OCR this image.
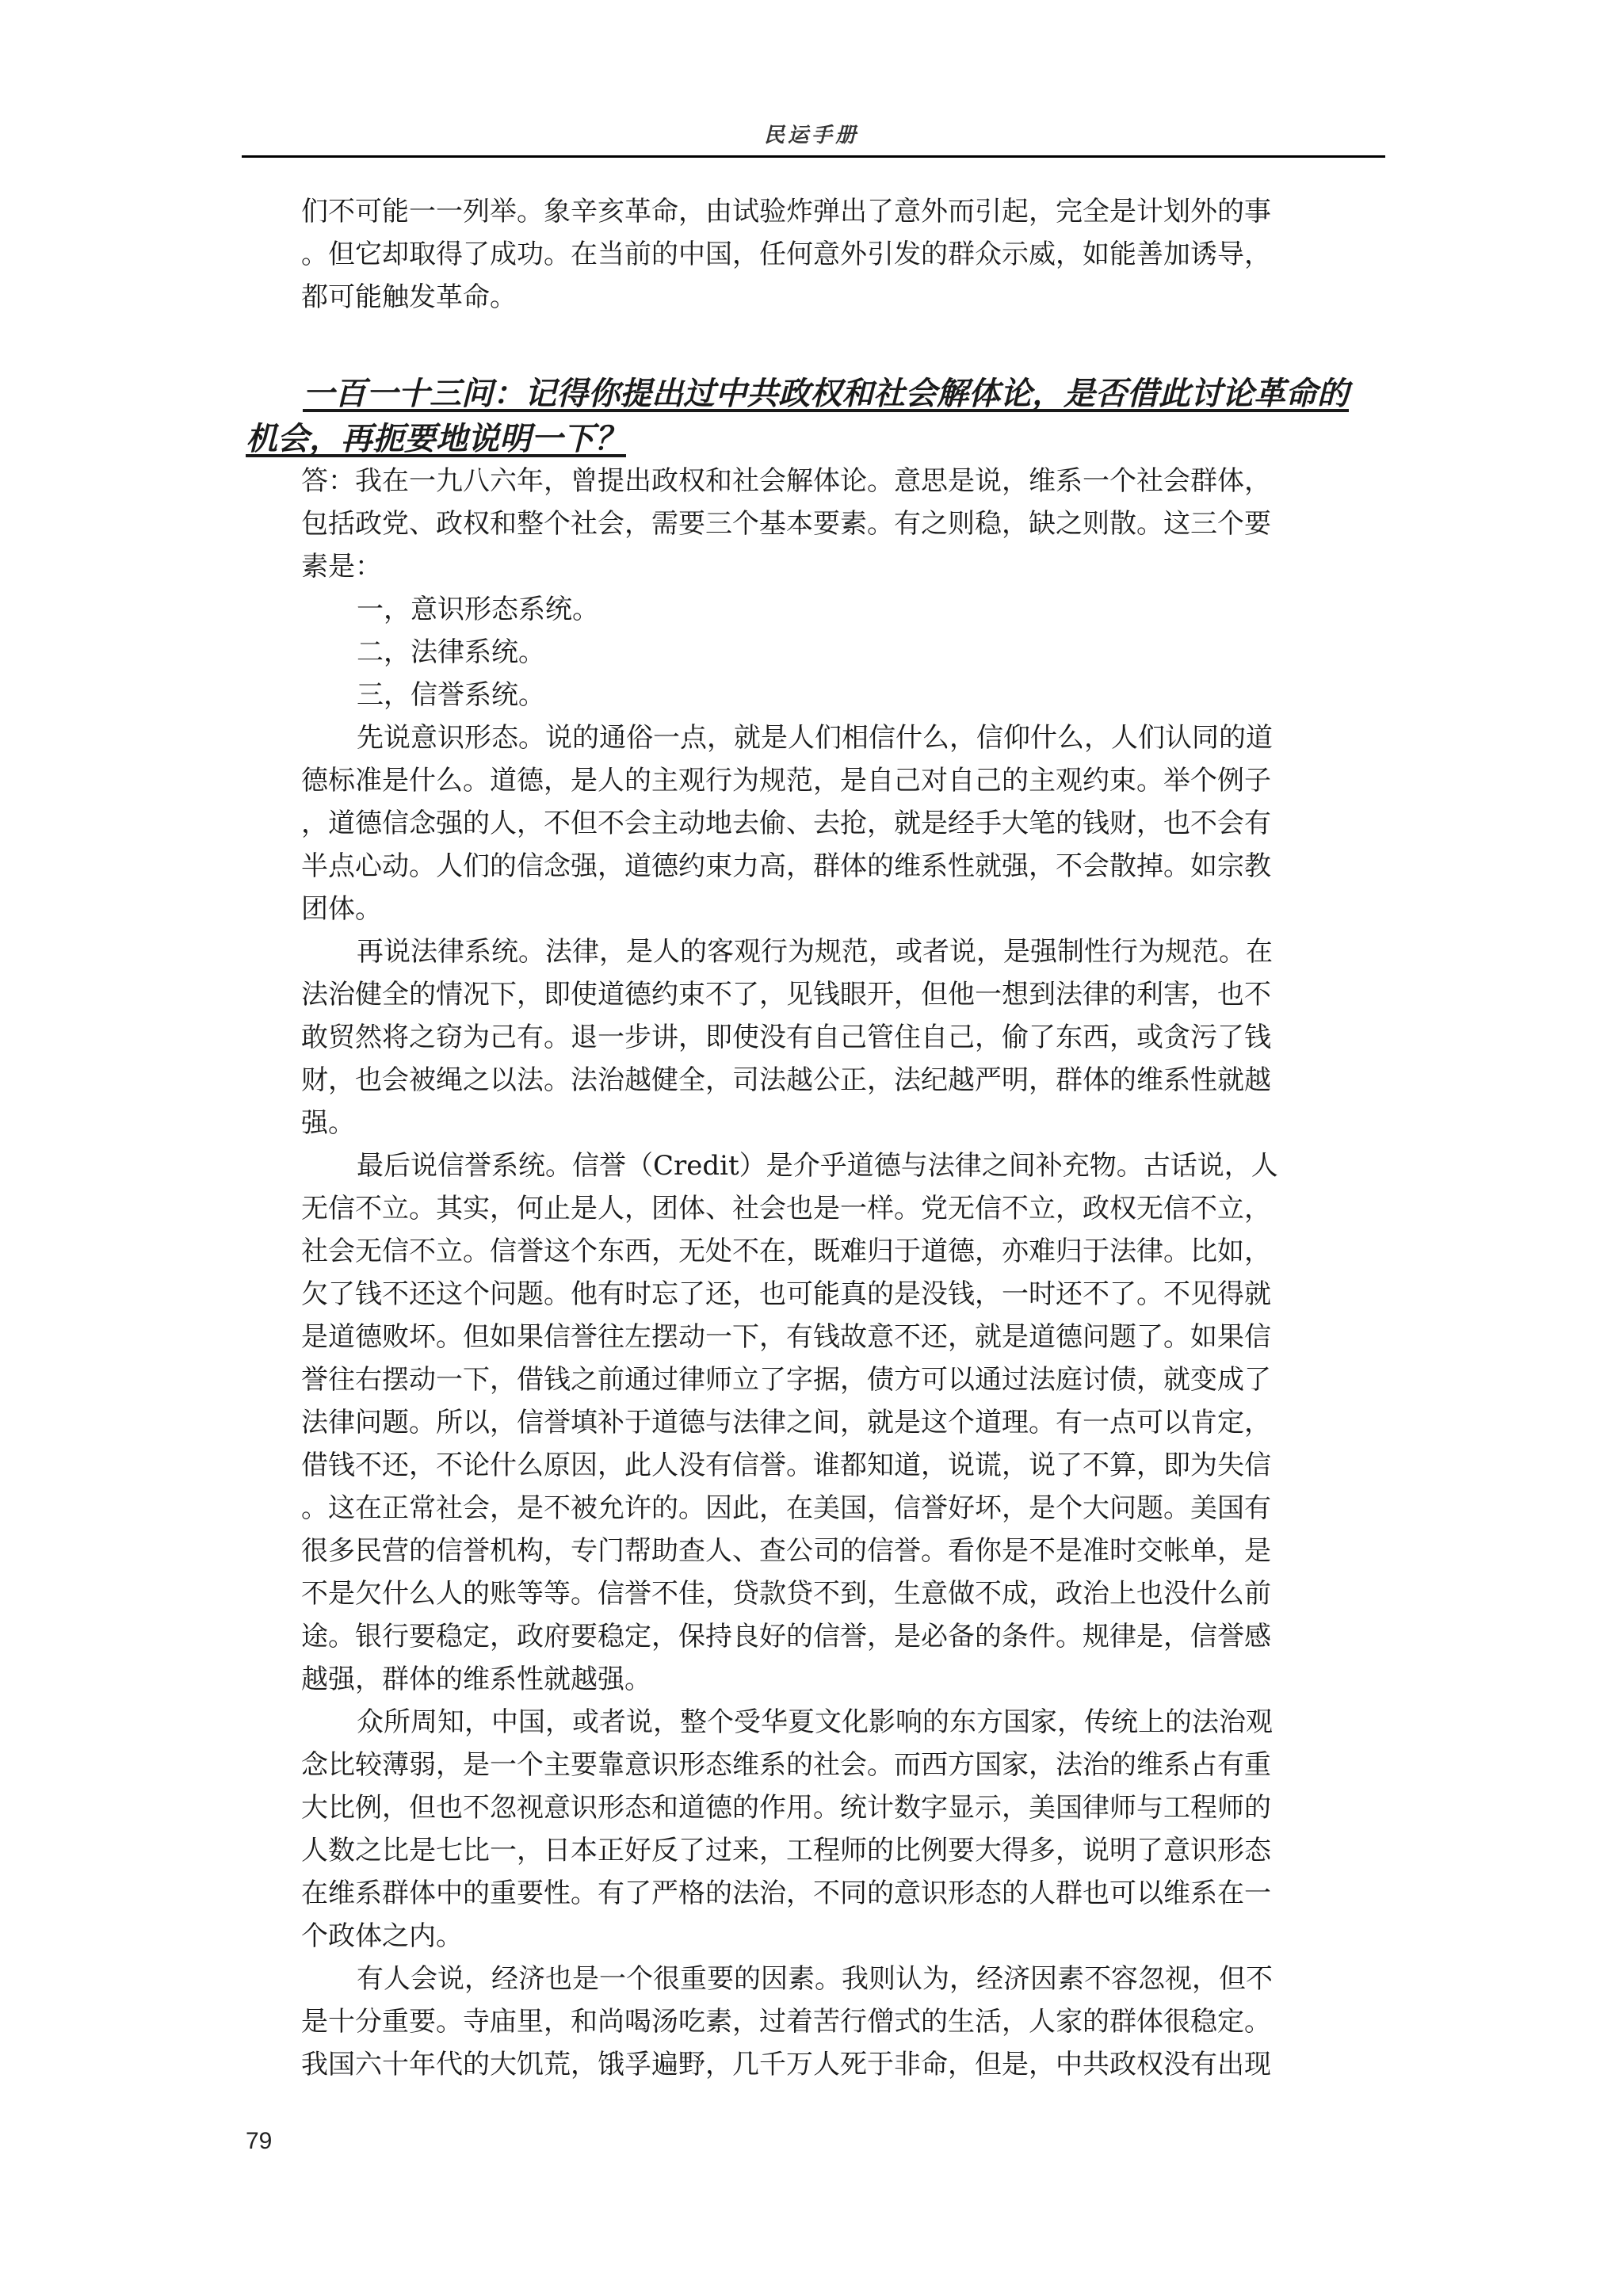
民运手册
们不可能一一列举。象辛亥革命，由试验炸弹出了意外而引起，完全是计划外的事
。但它却取得了成功。在当前的中国，任何意外引发的群众示威，如能善加诱导，
都可能触发革命。
一百一十三问：记得你提出过中共政权和社会解体论，是否借此讨论革命的
机会，再扼要地说明一下？
答：我在一九八六年，曾提出政权和社会解体论。意思是说，维系一个社会群体，
包括政党、政权和整个社会，需要三个基本要素。有之则稳，缺之则散。这三个要
素是：
一，意识形态系统。
二，法律系统。
三，信誉系统。
先说意识形态。说的通俗一点，就是人们相信什么，信仰什么，人们认同的道
德标准是什么。道德，是人的主观行为规范，是自己对自己的主观约束。举个例子
，道德信念强的人，不但不会主动地去偷、去抢，就是经手大笔的钱财，也不会有
半点心动。人们的信念强，道德约束力高，群体的维系性就强，不会散掉。如宗教
团体。
再说法律系统。法律，是人的客观行为规范，或者说，是强制性行为规范。在
法治健全的情况下，即使道德约束不了，见钱眼开，但他一想到法律的利害，也不
敢贸然将之窃为己有。退一步讲，即使没有自己管住自己，偷了东西，或贪污了钱
财，也会被绳之以法。法治越健全，司法越公正，法纪越严明，群体的维系性就越
强。
最后说信誉系统。信誉（Credit）是介乎道德与法律之间补充物。古话说，人
无信不立。其实，何止是人，团体、社会也是一样。党无信不立，政权无信不立，
社会无信不立。信誉这个东西，无处不在，既难归于道德，亦难归于法律。比如，
欠了钱不还这个问题。他有时忘了还，也可能真的是没钱，一时还不了。不见得就
是道德败坏。但如果信誉往左摆动一下，有钱故意不还，就是道德问题了。如果信
誉往右摆动一下，借钱之前通过律师立了字据，债方可以通过法庭讨债，就变成了
法律问题。所以，信誉填补于道德与法律之间，就是这个道理。有一点可以肯定，
借钱不还，不论什么原因，此人没有信誉。谁都知道，说谎，说了不算，即为失信
。这在正常社会，是不被允许的。因此，在美国，信誉好坏，是个大问题。美国有
很多民营的信誉机构，专门帮助查人、查公司的信誉。看你是不是准时交帐单，是
不是欠什么人的账等等。信誉不佳，贷款贷不到，生意做不成，政治上也没什么前
途。银行要稳定，政府要稳定，保持良好的信誉，是必备的条件。规律是，信誉感
越强，群体的维系性就越强。
众所周知，中国，或者说，整个受华夏文化影响的东方国家，传统上的法治观
念比较薄弱，是一个主要靠意识形态维系的社会。而西方国家，法治的维系占有重
大比例，但也不忽视意识形态和道德的作用。统计数字显示，美国律师与工程师的
人数之比是七比一，日本正好反了过来，工程师的比例要大得多，说明了意识形态
在维系群体中的重要性。有了严格的法治，不同的意识形态的人群也可以维系在一
个政体之内。
有人会说，经济也是一个很重要的因素。我则认为，经济因素不容忽视，但不
是十分重要。寺庙里，和尚喝汤吃素，过着苦行僧式的生活，人家的群体很稳定。
我国六十年代的大饥荒，饿孚遍野，几千万人死于非命，但是，中共政权没有出现
79
